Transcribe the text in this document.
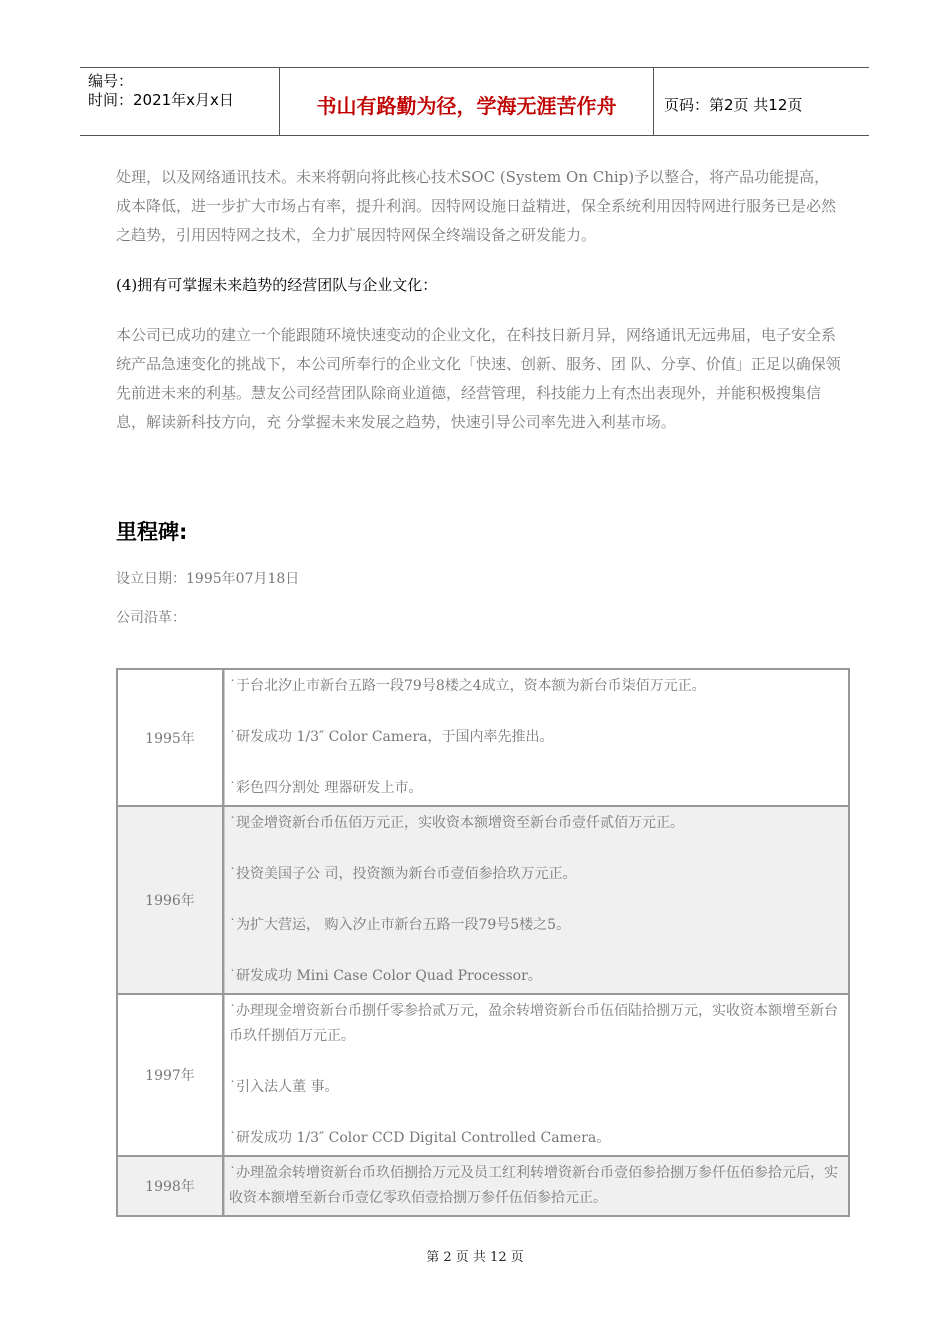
编号：
时间：2021年x月x日	书山有路勤为径，学海无涯苦作舟	页码：第2页 共12页
处理，以及网络通讯技术。未来将朝向将此核心技术SOC (System On Chip)予以整合，将产品功能提高，成本降低，进一步扩大市场占有率，提升利润。因特网设施日益精进，保全系统利用因特网进行服务已是必然之趋势，引用因特网之技术，全力扩展因特网保全终端设备之研发能力。
(4)拥有可掌握未来趋势的经营团队与企业文化：
本公司已成功的建立一个能跟随环境快速变动的企业文化，在科技日新月异，网络通讯无远弗届，电子安全系统产品急速变化的挑战下，本公司所奉行的企业文化「快速、创新、服务、团 队、分享、价值」正足以确保领先前进未来的利基。慧友公司经营团队除商业道德，经营管理，科技能力上有杰出表现外，并能积极搜集信息，解读新科技方向，充 分掌握未来发展之趋势，快速引导公司率先进入利基市场。
里程碑:
设立日期：1995年07月18日
公司沿革：
1995年
˙于台北汐止市新台五路一段79号8楼之4成立，资本额为新台币柒佰万元正。
˙研发成功 1/3″ Color Camera，于国内率先推出。
˙彩色四分割处 理器研发上市。
1996年
˙现金增资新台币伍佰万元正，实收资本额增资至新台币壹仟贰佰万元正。
˙投资美国子公 司，投资额为新台币壹佰参拾玖万元正。
˙为扩大营运， 购入汐止市新台五路一段79号5楼之5。
˙研发成功 Mini Case Color Quad Processor。
1997年
˙办理现金增资新台币捌仟零参拾贰万元，盈余转增资新台币伍佰陆拾捌万元，实收资本额增至新台币玖仟捌佰万元正。
˙引入法人董 事。
˙研发成功 1/3″ Color CCD Digital Controlled Camera。
1998年
˙办理盈余转增资新台币玖佰捌拾万元及员工红利转增资新台币壹佰参拾捌万参仟伍佰参拾元后，实收资本额增至新台币壹亿零玖佰壹拾捌万参仟伍佰参拾元正。
第 2 页 共 12 页
